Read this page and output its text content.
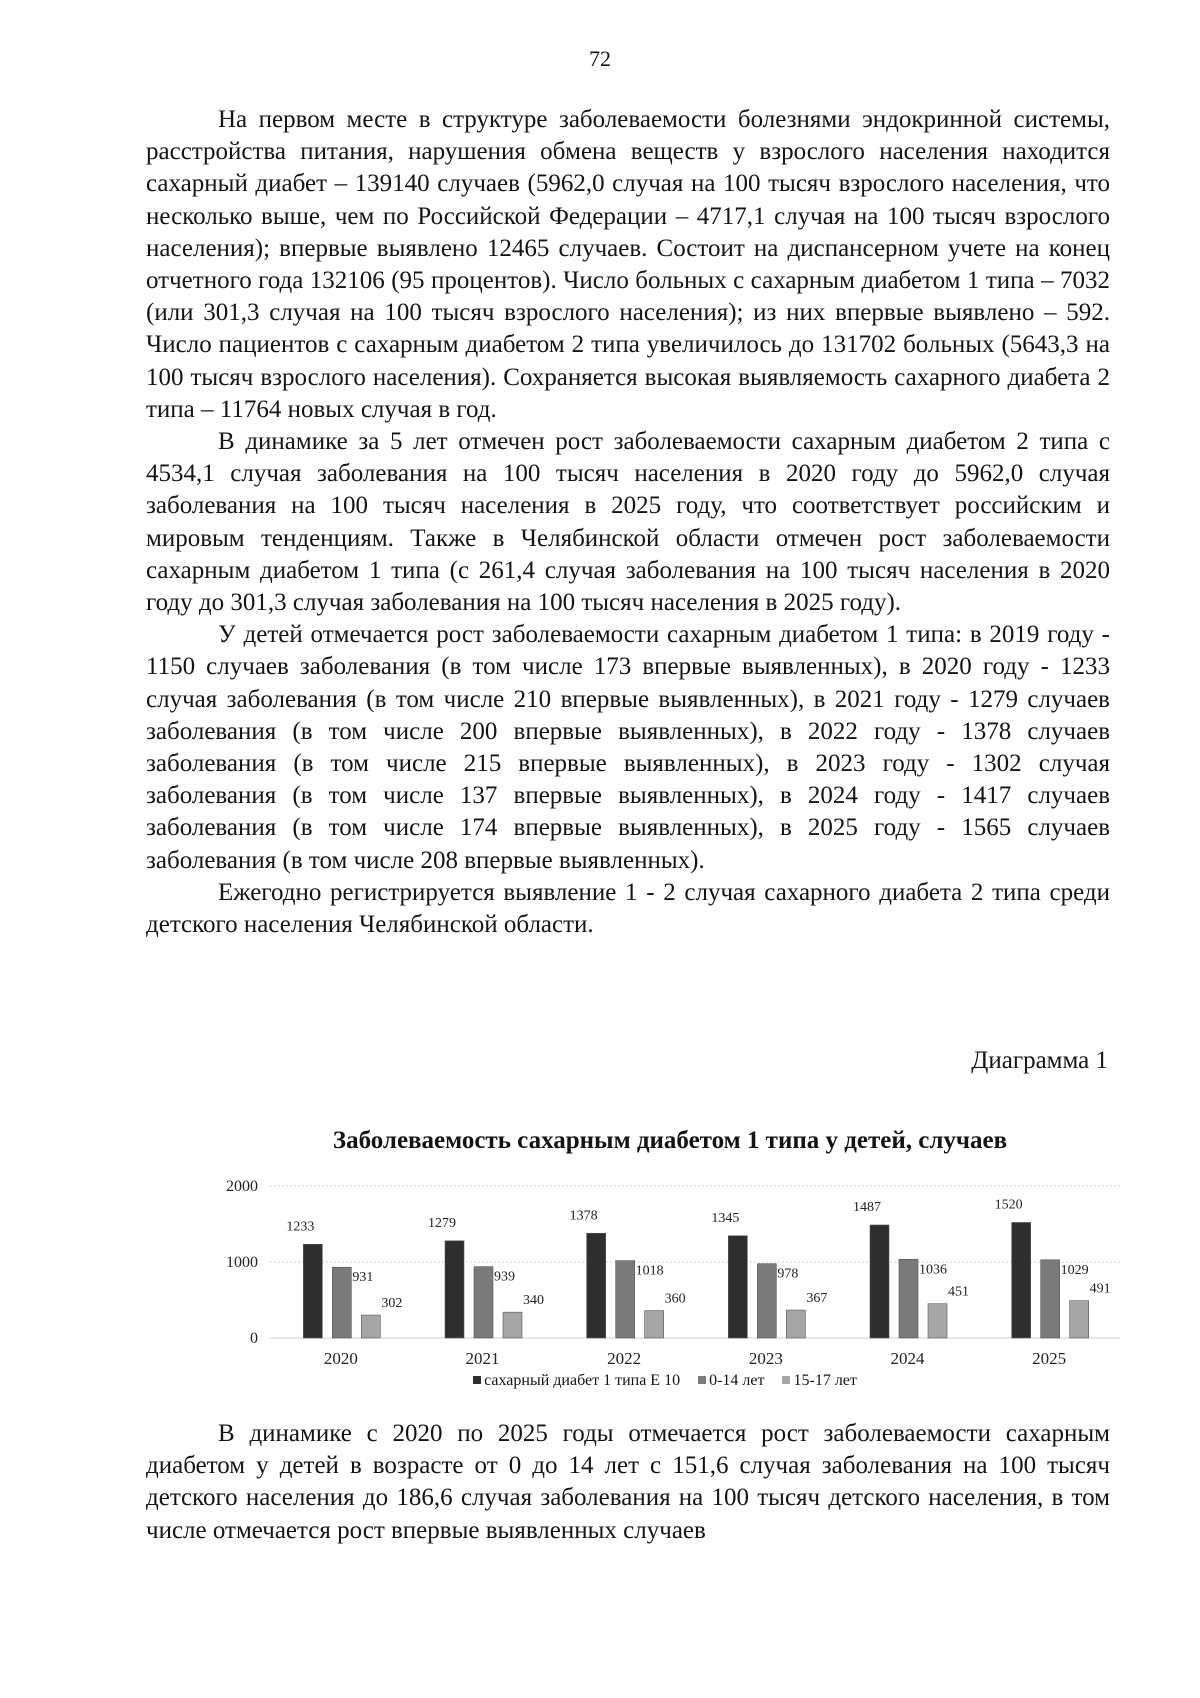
72

На первом месте в структуре заболеваемости болезнями эндокринной системы, расстройства питания, нарушения обмена веществ у взрослого населения находится сахарный диабет – 139140 случаев (5962,0 случая на 100 тысяч взрослого населения, что несколько выше, чем по Российской Федерации – 4717,1 случая на 100 тысяч взрослого населения); впервые выявлено 12465 случаев. Состоит на диспансерном учете на конец отчетного года 132106 (95 процентов). Число больных с сахарным диабетом 1 типа – 7032 (или 301,3 случая на 100 тысяч взрослого населения); из них впервые выявлено – 592. Число пациентов с сахарным диабетом 2 типа увеличилось до 131702 больных (5643,3 на 100 тысяч взрослого населения). Сохраняется высокая выявляемость сахарного диабета 2 типа – 11764 новых случая в год.

В динамике за 5 лет отмечен рост заболеваемости сахарным диабетом 2 типа с 4534,1 случая заболевания на 100 тысяч населения в 2020 году до 5962,0 случая заболевания на 100 тысяч населения в 2025 году, что соответствует российским и мировым тенденциям. Также в Челябинской области отмечен рост заболеваемости сахарным диабетом 1 типа (с 261,4 случая заболевания на 100 тысяч населения в 2020 году до 301,3 случая заболевания на 100 тысяч населения в 2025 году).

У детей отмечается рост заболеваемости сахарным диабетом 1 типа: в 2019 году - 1150 случаев заболевания (в том числе 173 впервые выявленных), в 2020 году - 1233 случая заболевания (в том числе 210 впервые выявленных), в 2021 году - 1279 случаев заболевания (в том числе 200 впервые выявленных), в 2022 году - 1378 случаев заболевания (в том числе 215 впервые выявленных), в 2023 году - 1302 случая заболевания (в том числе 137 впервые выявленных), в 2024 году - 1417 случаев заболевания (в том числе 174 впервые выявленных), в 2025 году - 1565 случаев заболевания (в том числе 208 впервые выявленных).

Ежегодно регистрируется выявление 1 - 2 случая сахарного диабета 2 типа среди детского населения Челябинской области.

Диаграмма 1
0
1000
2000
1233
931
302
2020
1279
939
340
2021
1378
1018
360
2022
1345
978
367
2023
1487
1036
451
2024
1520
1029
491
2025
Заболеваемость сахарным диабетом 1 типа у детей, случаев
сахарный диабет 1 типа Е 10 0-14 лет 15-17 лет

В динамике с 2020 по 2025 годы отмечается рост заболеваемости сахарным диабетом у детей в возрасте от 0 до 14 лет с 151,6 случая заболевания на 100 тысяч детского населения до 186,6 случая заболевания на 100 тысяч детского населения, в том числе отмечается рост впервые выявленных случаев
